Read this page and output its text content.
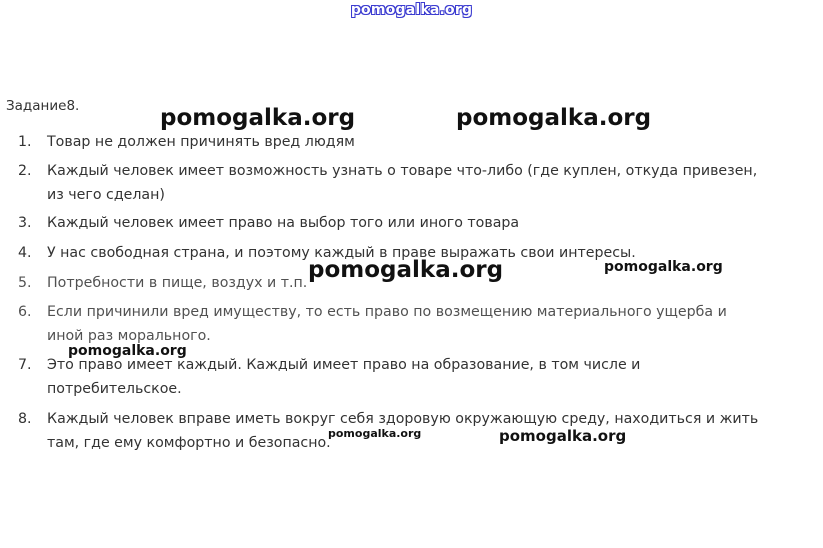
pomogalka.org
Задание8.
1.	Товар не должен причинять вред людям
2.	Каждый человек имеет возможность узнать о товаре что-либо (где куплен, откуда привезен,
из чего сделан)
3.	Каждый человек имеет право на выбор того или иного товара
4.	У нас свободная страна, и поэтому каждый в праве выражать свои интересы.
5.	Потребности в пище, воздух и т.п.
6.	Если причинили вред имуществу, то есть право по возмещению материального ущерба и
иной раз морального.
7.	Это право имеет каждый. Каждый имеет право на образование, в том числе и
потребительское.
8.	Каждый человек вправе иметь вокруг себя здоровую окружающую среду, находиться и жить
там, где ему комфортно и безопасно.
pomogalka.org	pomogalka.org
pomogalka.org	pomogalka.org
pomogalka.org
pomogalka.org	pomogalka.org
